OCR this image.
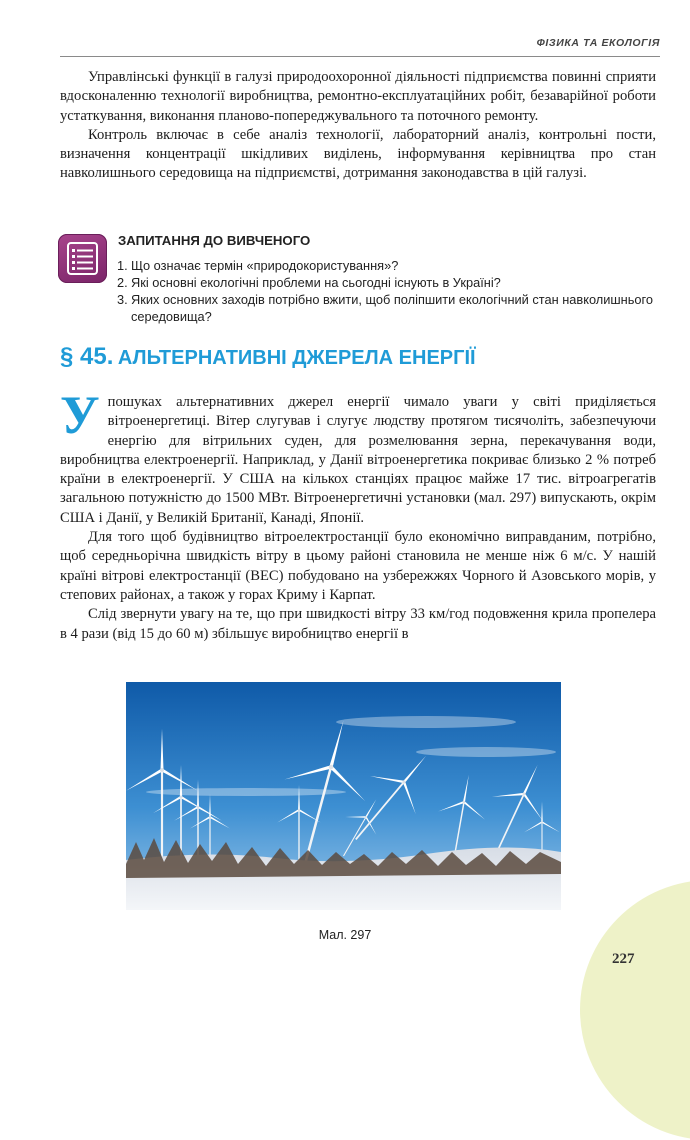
ФІЗИКА ТА ЕКОЛОГІЯ

Управлінські функції в галузі природоохоронної діяльності підприємства повинні сприяти вдосконаленню технології виробництва, ремонтно-експлуатаційних робіт, безаварійної роботи устаткування, виконання планово-попереджувального та поточного ремонту.

Контроль включає в себе аналіз технології, лабораторний аналіз, контрольні пости, визначення концентрації шкідливих виділень, інформування керівництва про стан навколишнього середовища на підприємстві, дотримання законодавства в цій галузі.

ЗАПИТАННЯ ДО ВИВЧЕНОГО
1. Що означає термін «природокористування»?
2. Які основні екологічні проблеми на сьогодні існують в Україні?
3. Яких основних заходів потрібно вжити, щоб поліпшити екологічний стан навколишнього середовища?
§ 45. АЛЬТЕРНАТИВНІ ДЖЕРЕЛА ЕНЕРГІЇ

Упошуках альтернативних джерел енергії чимало уваги у світі приділяється вітроенергетиці. Вітер слугував і слугує людству протягом тисячоліть, забезпечуючи енергію для вітрильних суден, для розмелювання зерна, перекачування води, виробництва електроенергії. Наприклад, у Данії вітроенергетика покриває близько 2 % потреб країни в електроенергії. У США на кількох станціях працює майже 17 тис. вітроагрегатів загальною потужністю до 1500 МВт. Вітроенергетичні установки (мал. 297) випускають, окрім США і Данії, у Великій Британії, Канаді, Японії.

Для того щоб будівництво вітроелектростанції було економічно виправданим, потрібно, щоб середньорічна швидкість вітру в цьому районі становила не менше ніж 6 м/с. У нашій країні вітрові електростанції (ВЕС) побудовано на узбережжях Чорного й Азовського морів, у степових районах, а також у горах Криму і Карпат.

Слід звернути увагу на те, що при швидкості вітру 33 км/год подовження крила пропелера в 4 рази (від 15 до 60 м) збільшує виробництво енергії в

Мал. 297
227
